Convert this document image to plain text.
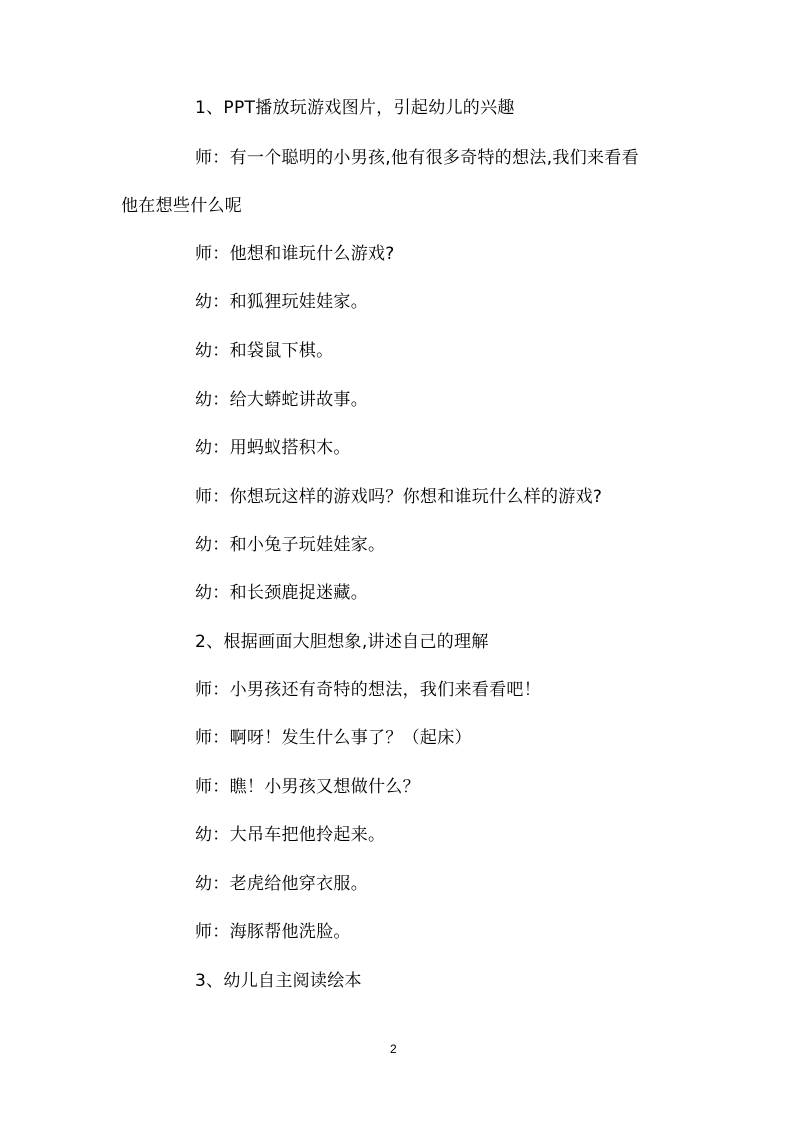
1、PPT播放玩游戏图片，引起幼儿的兴趣
师：有一个聪明的小男孩,他有很多奇特的想法,我们来看看
他在想些什么呢
师：他想和谁玩什么游戏?
幼：和狐狸玩娃娃家。
幼：和袋鼠下棋。
幼：给大蟒蛇讲故事。
幼：用蚂蚁搭积木。
师：你想玩这样的游戏吗？你想和谁玩什么样的游戏?
幼：和小兔子玩娃娃家。
幼：和长颈鹿捉迷藏。
2、根据画面大胆想象,讲述自己的理解
师：小男孩还有奇特的想法，我们来看看吧！
师：啊呀！发生什么事了？（起床）
师：瞧！小男孩又想做什么？
幼：大吊车把他拎起来。
幼：老虎给他穿衣服。
师：海豚帮他洗脸。
3、幼儿自主阅读绘本
2
